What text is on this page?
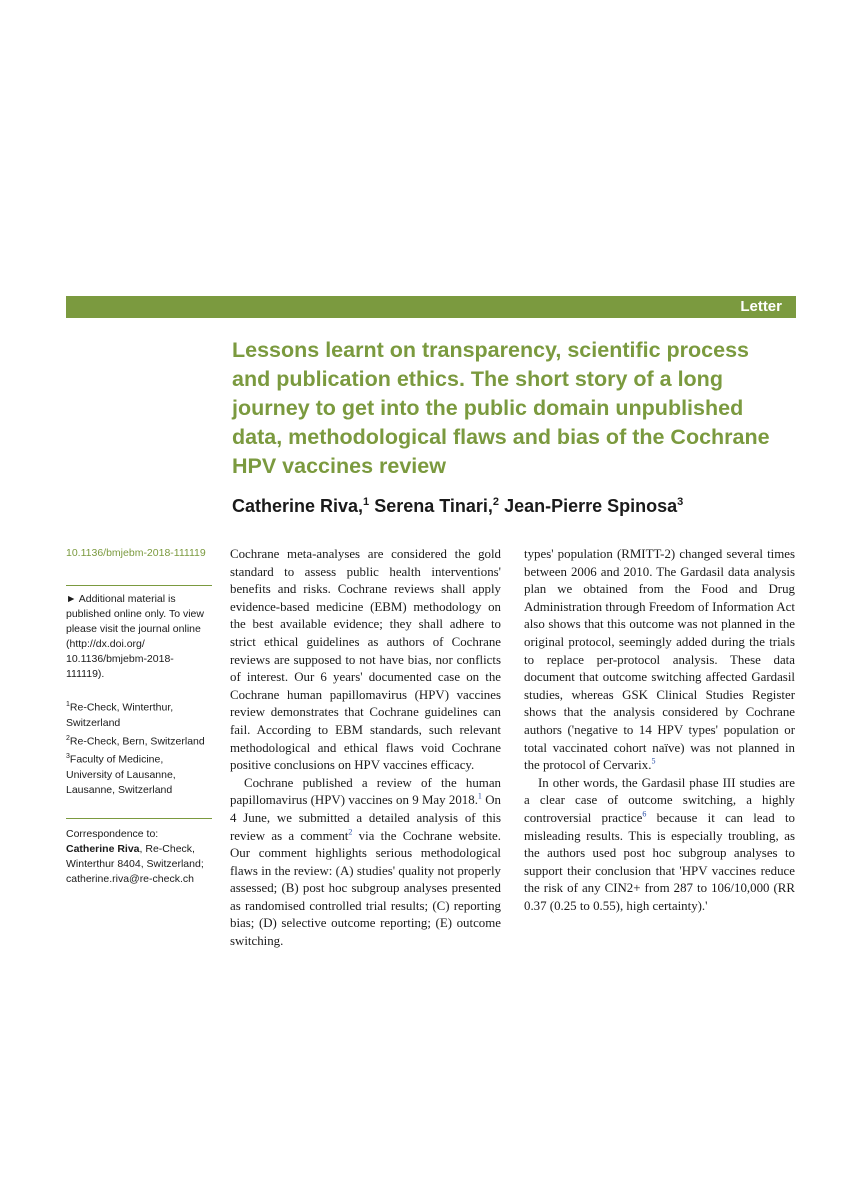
Letter
Lessons learnt on transparency, scientific process and publication ethics. The short story of a long journey to get into the public domain unpublished data, methodological flaws and bias of the Cochrane HPV vaccines review
Catherine Riva,$^1$ Serena Tinari,$^2$ Jean-Pierre Spinosa$^3$

10.1136/bmjebm-2018-111119

► Additional material is published online only. To view please visit the journal online (http://dx.doi.org/ 10.1136/bmjebm-2018-111119).

$^1$Re-Check, Winterthur, Switzerland
$^2$Re-Check, Bern, Switzerland
$^3$Faculty of Medicine, University of Lausanne, Lausanne, Switzerland
Correspondence to:
Catherine Riva, Re-Check, Winterthur 8404, Switzerland;
catherine.riva@re-check.ch

Cochrane meta-analyses are considered the gold standard to assess public health interventions' benefits and risks. Cochrane reviews shall apply evidence-based medicine (EBM) methodology on the best available evidence; they shall adhere to strict ethical guidelines as authors of Cochrane reviews are supposed to not have bias, nor conflicts of interest. Our 6 years' documented case on the Cochrane human papillomavirus (HPV) vaccines review demonstrates that Cochrane guidelines can fail. According to EBM standards, such relevant methodological and ethical flaws void Cochrane positive conclusions on HPV vaccines efficacy.

Cochrane published a review of the human papillomavirus (HPV) vaccines on 9 May 2018.$^1$ On 4 June, we submitted a detailed analysis of this review as a comment$^2$ via the Cochrane website. Our comment highlights serious methodological flaws in the review: (A) studies' quality not properly assessed; (B) post hoc subgroup analyses presented as randomised controlled trial results; (C) reporting bias; (D) selective outcome reporting; (E) outcome switching.

types' population (RMITT-2) changed several times between 2006 and 2010. The Gardasil data analysis plan we obtained from the Food and Drug Administration through Freedom of Information Act also shows that this outcome was not planned in the original protocol, seemingly added during the trials to replace per-protocol analysis. These data document that outcome switching affected Gardasil studies, whereas GSK Clinical Studies Register shows that the analysis considered by Cochrane authors ('negative to 14 HPV types' population or total vaccinated cohort naïve) was not planned in the protocol of Cervarix.$^5$

In other words, the Gardasil phase III studies are a clear case of outcome switching, a highly controversial practice$^6$ because it can lead to misleading results. This is especially troubling, as the authors used post hoc subgroup analyses to support their conclusion that 'HPV vaccines reduce the risk of any CIN2+ from 287 to 106/10,000 (RR 0.37 (0.25 to 0.55), high certainty).'
